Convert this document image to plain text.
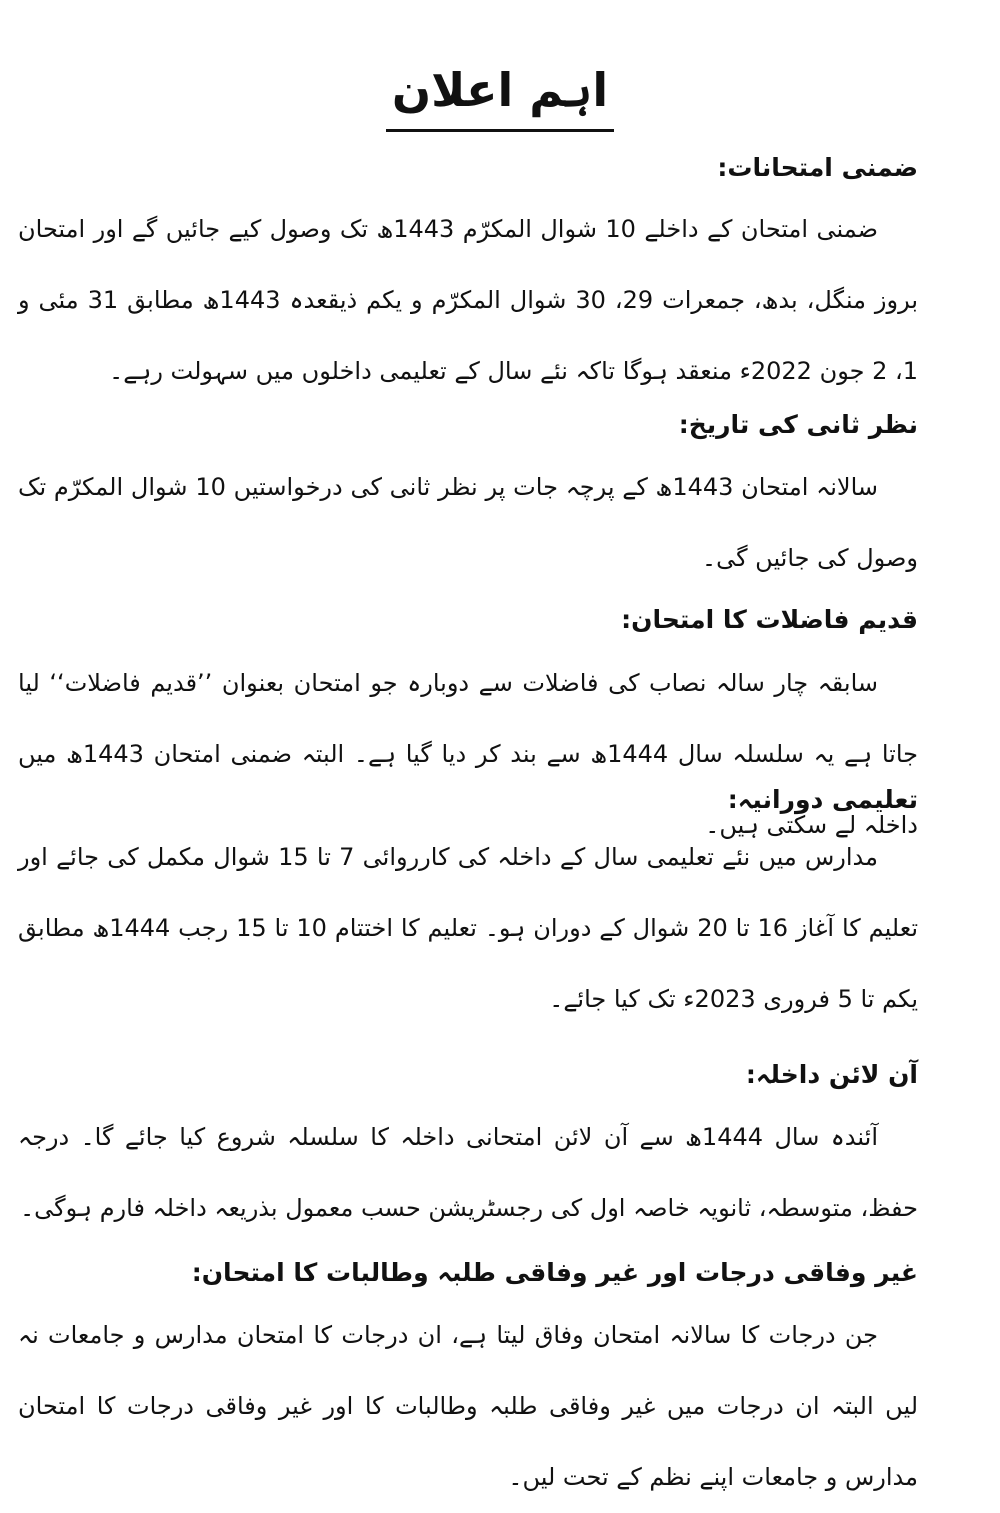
اہم اعلان
ضمنی امتحانات:
ضمنی امتحان کے داخلے 10 شوال المکرّم 1443ھ تک وصول کیے جائیں گے اور امتحان بروز منگل، بدھ، جمعرات 29، 30 شوال المکرّم و یکم ذیقعدہ 1443ھ مطابق 31 مئی و 1، 2 جون 2022ء منعقد ہوگا تاکہ نئے سال کے تعلیمی داخلوں میں سہولت رہے۔
نظر ثانی کی تاریخ:
سالانہ امتحان 1443ھ کے پرچہ جات پر نظر ثانی کی درخواستیں 10 شوال المکرّم تک وصول کی جائیں گی۔
قدیم فاضلات کا امتحان:
سابقہ چار سالہ نصاب کی فاضلات سے دوبارہ جو امتحان بعنوان ’’قدیم فاضلات‘‘ لیا جاتا ہے یہ سلسلہ سال 1444ھ سے بند کر دیا گیا ہے۔ البتہ ضمنی امتحان 1443ھ میں داخلہ لے سکتی ہیں۔
تعلیمی دورانیہ:
مدارس میں نئے تعلیمی سال کے داخلہ کی کارروائی 7 تا 15 شوال مکمل کی جائے اور تعلیم کا آغاز 16 تا 20 شوال کے دوران ہو۔ تعلیم کا اختتام 10 تا 15 رجب 1444ھ مطابق یکم تا 5 فروری 2023ء تک کیا جائے۔
آن لائن داخلہ:
آئندہ سال 1444ھ سے آن لائن امتحانی داخلہ کا سلسلہ شروع کیا جائے گا۔ درجہ حفظ، متوسطہ، ثانویہ خاصہ اول کی رجسٹریشن حسب معمول بذریعہ داخلہ فارم ہوگی۔
غیر وفاقی درجات اور غیر وفاقی طلبہ وطالبات کا امتحان:
جن درجات کا سالانہ امتحان وفاق لیتا ہے، ان درجات کا امتحان مدارس و جامعات نہ لیں البتہ ان درجات میں غیر وفاقی طلبہ وطالبات کا اور غیر وفاقی درجات کا امتحان مدارس و جامعات اپنے نظم کے تحت لیں۔
